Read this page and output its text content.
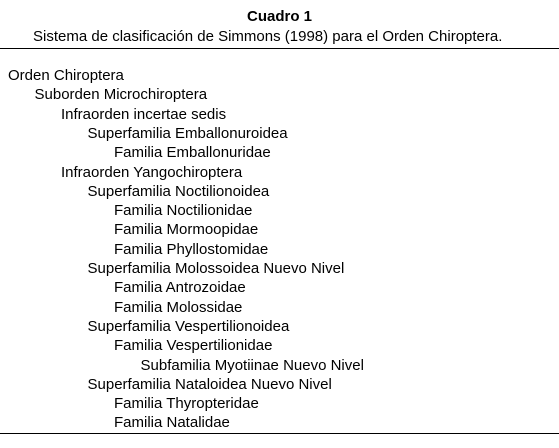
Cuadro 1
Sistema de clasificación de Simmons (1998) para el Orden Chiroptera.
Orden Chiroptera
Suborden Microchiroptera
Infraorden incertae sedis
Superfamilia Emballonuroidea
Familia Emballonuridae
Infraorden Yangochiroptera
Superfamilia Noctilionoidea
Familia Noctilionidae
Familia Mormoopidae
Familia Phyllostomidae
Superfamilia Molossoidea Nuevo Nivel
Familia Antrozoidae
Familia Molossidae
Superfamilia Vespertilionoidea
Familia Vespertilionidae
Subfamilia Myotiinae Nuevo Nivel
Superfamilia Nataloidea Nuevo Nivel
Familia Thyropteridae
Familia Natalidae
